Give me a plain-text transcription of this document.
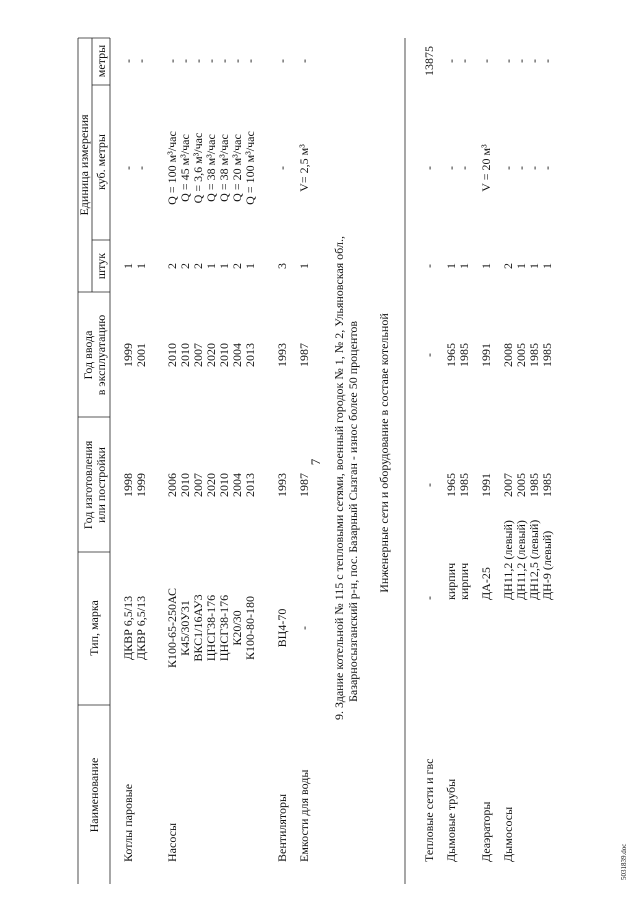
7
Наименование
Тип, марка
Год изготовления или постройки
Год ввода в эксплуатацию
Единица измерения
штук
куб. метры
метры
Котлы паровые
ДКВР 6,5/13
1998
1999
1
-
-
ДКВР 6,5/13
1999
2001
1
-
-
Насосы
К100-65-250АС
2006
2010
2
Q = 100 м³/час
-
К45/30У31
2010
2010
2
Q = 45 м³/час
-
ВКС1/16АУ3
2007
2007
2
Q = 3,6 м³/час
-
ЦНСГ38-176
2020
2020
1
Q = 38 м³/час
-
ЦНСГ38-176
2010
2010
1
Q = 38 м³/час
-
К20/30
2004
2004
2
Q = 20 м³/час
-
К100-80-180
2013
2013
1
Q = 100 м³/час
-
Вентиляторы
ВЦ4-70
1993
1993
3
-
-
Емкости для воды
-
1987
1987
1
V= 2,5 м³
-
9. Здание котельной № 115 с тепловыми сетями, военный городок № 1, № 2, Ульяновская обл., Базарносызганский р-н, пос. Базарный Сызган - износ более 50 процентов Инженерные сети и оборудование в составе котельной
Тепловые сети и гвс
-
-
-
-
-
13875
Дымовые трубы
кирпич
1965
1965
1
-
-
кирпич
1985
1985
1
-
-
Деаэраторы
ДА-25
1991
1991
1
V = 20 м³
-
Дымососы
ДН11,2 (левый)
2007
2008
2
-
-
ДН11,2 (левый)
2005
2005
1
-
-
ДН12,5 (левый)
1985
1985
1
-
-
ДН-9 (левый)
1985
1985
1
-
-
5031839.doc
